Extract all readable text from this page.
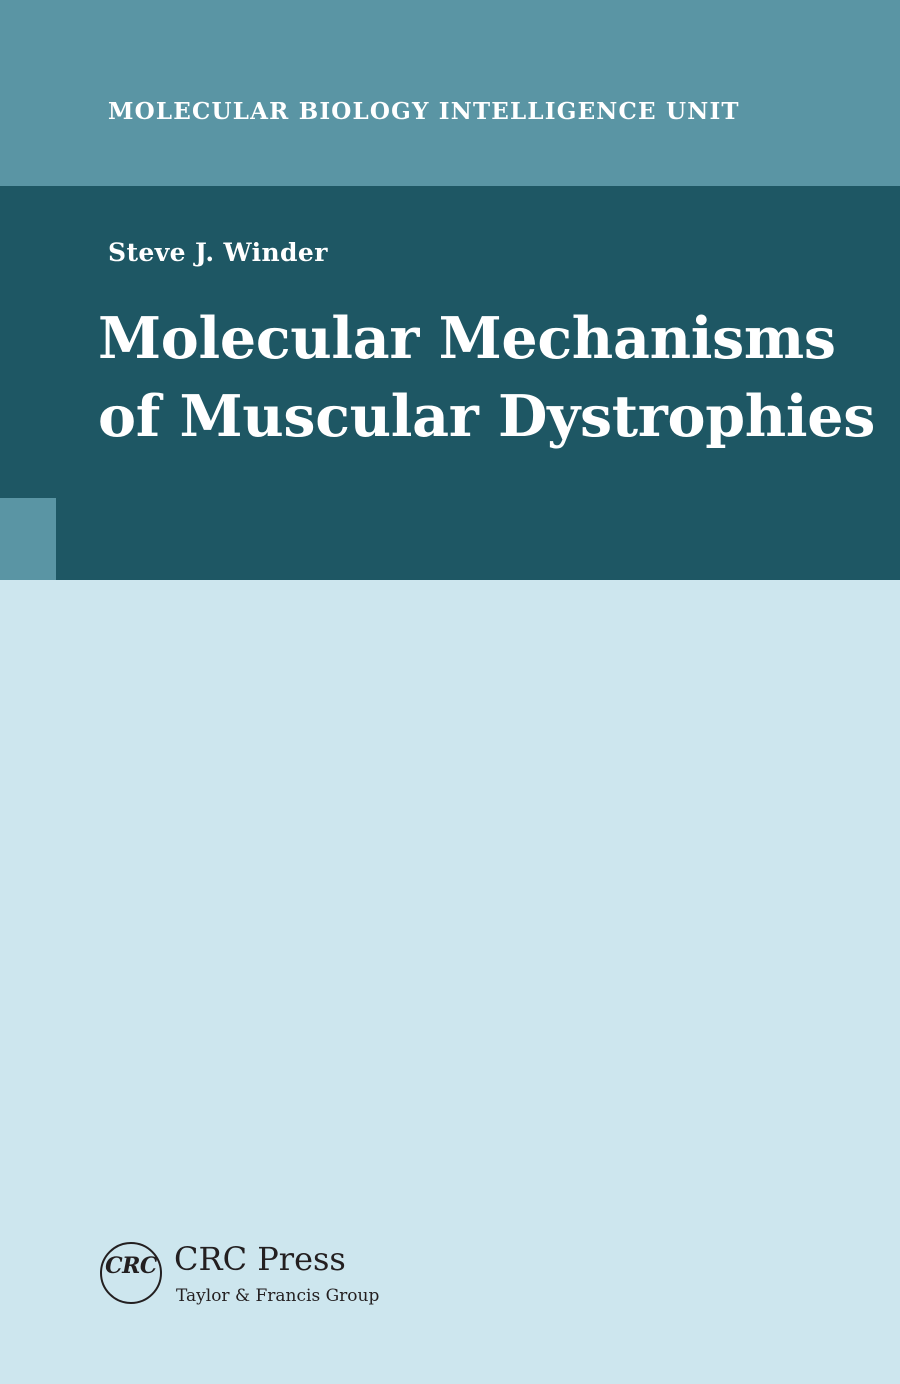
MOLECULAR BIOLOGY INTELLIGENCE UNIT
Steve J. Winder
Molecular Mechanisms
of Muscular Dystrophies
CRC CRC Press
Taylor & Francis Group
